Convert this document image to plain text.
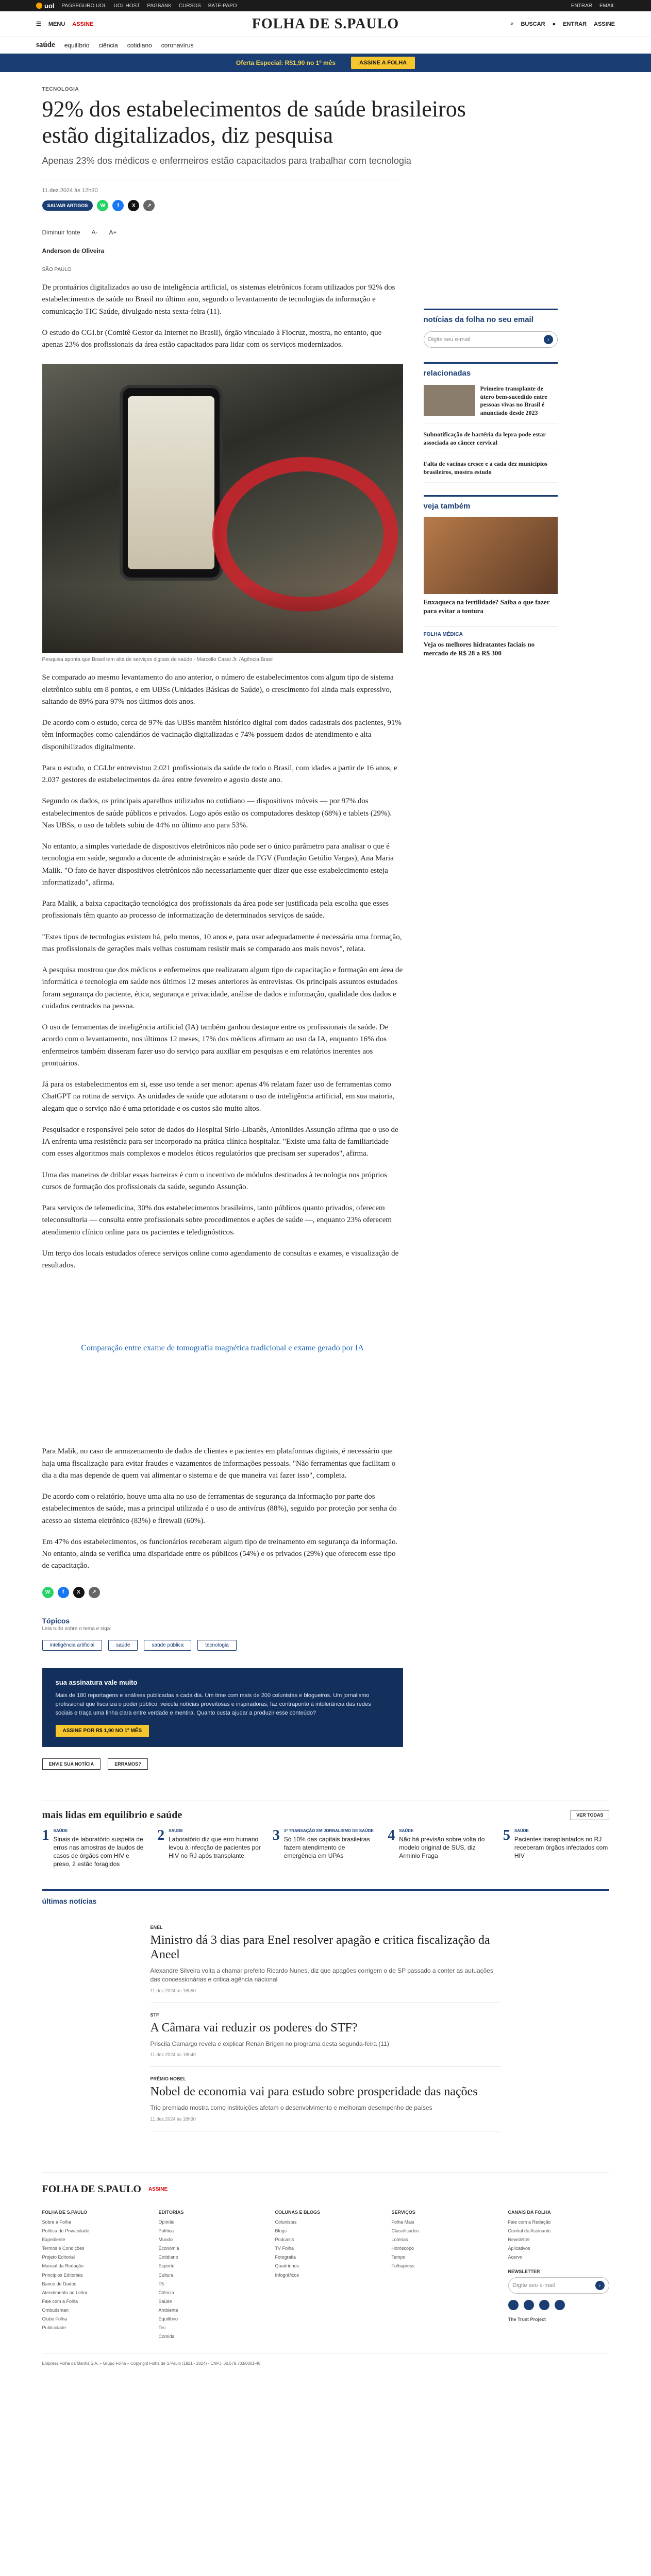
uol PAGSEGURO UOL UOL HOST PAGBANK CURSOS BATE-PAPO	ENTRAR EMAIL
☰ MENU ASSINE	FOLHA DE S.PAULO	⌕ BUSCAR ● ENTRAR ASSINE
saúde equilíbrio ciência cotidiano coronavírus
Oferta Especial: R$1,90 no 1º mês	ASSINE A FOLHA
TECNOLOGIA
92% dos estabelecimentos de saúde brasileiros estão digitalizados, diz pesquisa
Apenas 23% dos médicos e enfermeiros estão capacitados para trabalhar com tecnologia
11.dez.2024 às 12h30
SALVAR ARTIGOS	W	f	X	↗
Diminuir fonte A- A+
Anderson de Oliveira
SÃO PAULO

De prontuários digitalizados ao uso de inteligência artificial, os sistemas eletrônicos foram utilizados por 92% dos estabelecimentos de saúde no Brasil no último ano, segundo o levantamento de tecnologias da informação e comunicação TIC Saúde, divulgado nesta sexta-feira (11).

O estudo do CGI.br (Comitê Gestor da Internet no Brasil), órgão vinculado à Fiocruz, mostra, no entanto, que apenas 23% dos profissionais da área estão capacitados para lidar com os serviços modernizados.

Pesquisa aponta que Brasil tem alta de serviços digitais de saúde · Marcello Casal Jr. /Agência Brasil

Se comparado ao mesmo levantamento do ano anterior, o número de estabelecimentos com algum tipo de sistema eletrônico subiu em 8 pontos, e em UBSs (Unidades Básicas de Saúde), o crescimento foi ainda mais expressivo, saltando de 89% para 97% nos últimos dois anos.

De acordo com o estudo, cerca de 97% das UBSs mantêm histórico digital com dados cadastrais dos pacientes, 91% têm informações como calendários de vacinação digitalizadas e 74% possuem dados de atendimento e alta disponibilizados digitalmente.

Para o estudo, o CGI.br entrevistou 2.021 profissionais da saúde de todo o Brasil, com idades a partir de 16 anos, e 2.037 gestores de estabelecimentos da área entre fevereiro e agosto deste ano.

Segundo os dados, os principais aparelhos utilizados no cotidiano — dispositivos móveis — por 97% dos estabelecimentos de saúde públicos e privados. Logo após estão os computadores desktop (68%) e tablets (29%). Nas UBSs, o uso de tablets subiu de 44% no último ano para 53%.

No entanto, a simples variedade de dispositivos eletrônicos não pode ser o único parâmetro para analisar o que é tecnologia em saúde, segundo a docente de administração e saúde da FGV (Fundação Getúlio Vargas), Ana Maria Malik. "O fato de haver dispositivos eletrônicos não necessariamente quer dizer que esse estabelecimento esteja informatizado", afirma.

Para Malik, a baixa capacitação tecnológica dos profissionais da área pode ser justificada pela escolha que esses profissionais têm quanto ao processo de informatização de determinados serviços de saúde.

"Estes tipos de tecnologias existem há, pelo menos, 10 anos e, para usar adequadamente é necessária uma formação, mas profissionais de gerações mais velhas costumam resistir mais se comparado aos mais novos", relata.

A pesquisa mostrou que dos médicos e enfermeiros que realizaram algum tipo de capacitação e formação em área de informática e tecnologia em saúde nos últimos 12 meses anteriores às entrevistas. Os principais assuntos estudados foram segurança do paciente, ética, segurança e privacidade, análise de dados e informação, qualidade dos dados e cuidados centrados na pessoa.

O uso de ferramentas de inteligência artificial (IA) também ganhou destaque entre os profissionais da saúde. De acordo com o levantamento, nos últimos 12 meses, 17% dos médicos afirmam ao uso da IA, enquanto 16% dos enfermeiros também disseram fazer uso do serviço para auxiliar em pesquisas e em relatórios inerentes aos prontuários.

Já para os estabelecimentos em si, esse uso tende a ser menor: apenas 4% relatam fazer uso de ferramentas como ChatGPT na rotina de serviço. As unidades de saúde que adotaram o uso de inteligência artificial, em sua maioria, alegam que o serviço não é uma prioridade e os custos são muito altos.

Pesquisador e responsável pelo setor de dados do Hospital Sírio-Libanês, Antonildes Assunção afirma que o uso de IA enfrenta uma resistência para ser incorporado na prática clínica hospitalar. "Existe uma falta de familiaridade com esses algoritmos mais complexos e modelos éticos regulatórios que precisam ser superados", afirma.

Uma das maneiras de driblar essas barreiras é com o incentivo de módulos destinados à tecnologia nos próprios cursos de formação dos profissionais da saúde, segundo Assunção.

Para serviços de telemedicina, 30% dos estabelecimentos brasileiros, tanto públicos quanto privados, oferecem teleconsultoria — consulta entre profissionais sobre procedimentos e ações de saúde —, enquanto 23% oferecem atendimento clínico online para os pacientes e teledignósticos.

Um terço dos locais estudados oferece serviços online como agendamento de consultas e exames, e visualização de resultados.

Comparação entre exame de tomografia magnética tradicional e exame gerado por IA

Para Malik, no caso de armazenamento de dados de clientes e pacientes em plataformas digitais, é necessário que haja uma fiscalização para evitar fraudes e vazamentos de informações pessoais. "Não ferramentas que facilitam o dia a dia mas depende de quem vai alimentar o sistema e de que maneira vai fazer isso", completa.

De acordo com o relatório, houve uma alta no uso de ferramentas de segurança da informação por parte dos estabelecimentos de saúde, mas a principal utilizada é o uso de antivírus (88%), seguido por proteção por senha do acesso ao sistema eletrônico (83%) e firewall (60%).

Em 47% dos estabelecimentos, os funcionários receberam algum tipo de treinamento em segurança da informação. No entanto, ainda se verifica uma disparidade entre os públicos (54%) e os privados (29%) que oferecem esse tipo de capacitação.

W	f	X	↗
Tópicos
Leia tudo sobre o tema e siga:
inteligência artificial	saúde	saúde pública	tecnologia
sua assinatura vale muito
Mais de 180 reportagens e análises publicadas a cada dia. Um time com mais de 200 colunistas e blogueiros. Um jornalismo profissional que fiscaliza o poder público, veicula notícias proveitosas e inspiradoras, faz contraponto à intolerância das redes sociais e traça uma linha clara entre verdade e mentira. Quanto custa ajudar a produzir esse conteúdo?
ASSINE POR R$ 1,90 NO 1º MÊS
ENVIE SUA NOTÍCIA	ERRAMOS?
notícias da folha no seu email
Digite seu e-mail	›
relacionadas
Primeiro transplante de útero bem-sucedido entre pessoas vivas no Brasil é anunciado desde 2023
Subnotificação de bactéria da lepra pode estar associada ao câncer cervical
Falta de vacinas cresce e a cada dez municípios brasileiros, mostra estudo
veja também
Enxaqueca na fertilidade? Saiba o que fazer para evitar a tontura
FOLHA MÉDICA
Veja os melhores hidratantes faciais no mercado de R$ 28 a R$ 300
mais lidas em equilíbrio e saúde	VER TODAS
1 SAÚDE
Sinais de laboratório suspeita de erros nas amostras de laudos de casos de órgãos com HIV e preso, 2 estão foragidos
2 SAÚDE
Laboratório diz que erro humano levou à infecção de pacientes por HIV no RJ após transplante
3 1ª TRANSAÇÃO EM JORNALISMO DE SAÚDE
Só 10% das capitais brasileiras fazem atendimento de emergência em UPAs
4 SAÚDE
Não há previsão sobre volta do modelo original de SUS, diz Arminio Fraga
5 SAÚDE
Pacientes transplantados no RJ receberam órgãos infectados com HIV
últimas notícias
ENEL
Ministro dá 3 dias para Enel resolver apagão e critica fiscalização da Aneel
Alexandre Silveira volta a chamar prefeito Ricardo Nunes, diz que apagões corrigem o de SP passado a conter as autuações das concessionárias e critica agência nacional
11.dez.2024 às 18h50
STF
A Câmara vai reduzir os poderes do STF?
Priscila Camargo revela e explicar Renan Brigen no programa desta segunda-feira (11)
11.dez.2024 às 18h40
PRÊMIO NOBEL
Nobel de economia vai para estudo sobre prosperidade das nações
Trio premiado mostra como instituições afetam o desenvolvimento e melhoram desempenho de países
11.dez.2024 às 18h30
FOLHA DE S.PAULO ASSINE
FOLHA DE S.PAULO
Sobre a Folha
Política de Privacidade
Expediente
Termos e Condições
Projeto Editorial
Manual da Redação
Princípios Editoriais
Banco de Dados
Atendimento ao Leitor
Fale com a Folha
Ombudsman
Clube Folha
Publicidade
EDITORIAS
Opinião
Política
Mundo
Economia
Cotidiano
Esporte
Cultura
F5
Ciência
Saúde
Ambiente
Equilíbrio
Tec
Comida
COLUNAS E BLOGS
Colunistas
Blogs
Podcasts
TV Folha
Fotografia
Quadrinhos
Infográficos
SERVIÇOS
Folha Mais
Classificados
Loterias
Horóscopo
Tempo
Folhapress
CANAIS DA FOLHA
Fale com a Redação
Central do Assinante
Newsletter
Aplicativos
Acervo
NEWSLETTER
Digite seu e-mail	›
The Trust Project
Empresa Folha da Manhã S.A. – Grupo Folha – Copyright Folha de S.Paulo (1921 - 2024) · CNPJ: 60.579.703/0001-48
